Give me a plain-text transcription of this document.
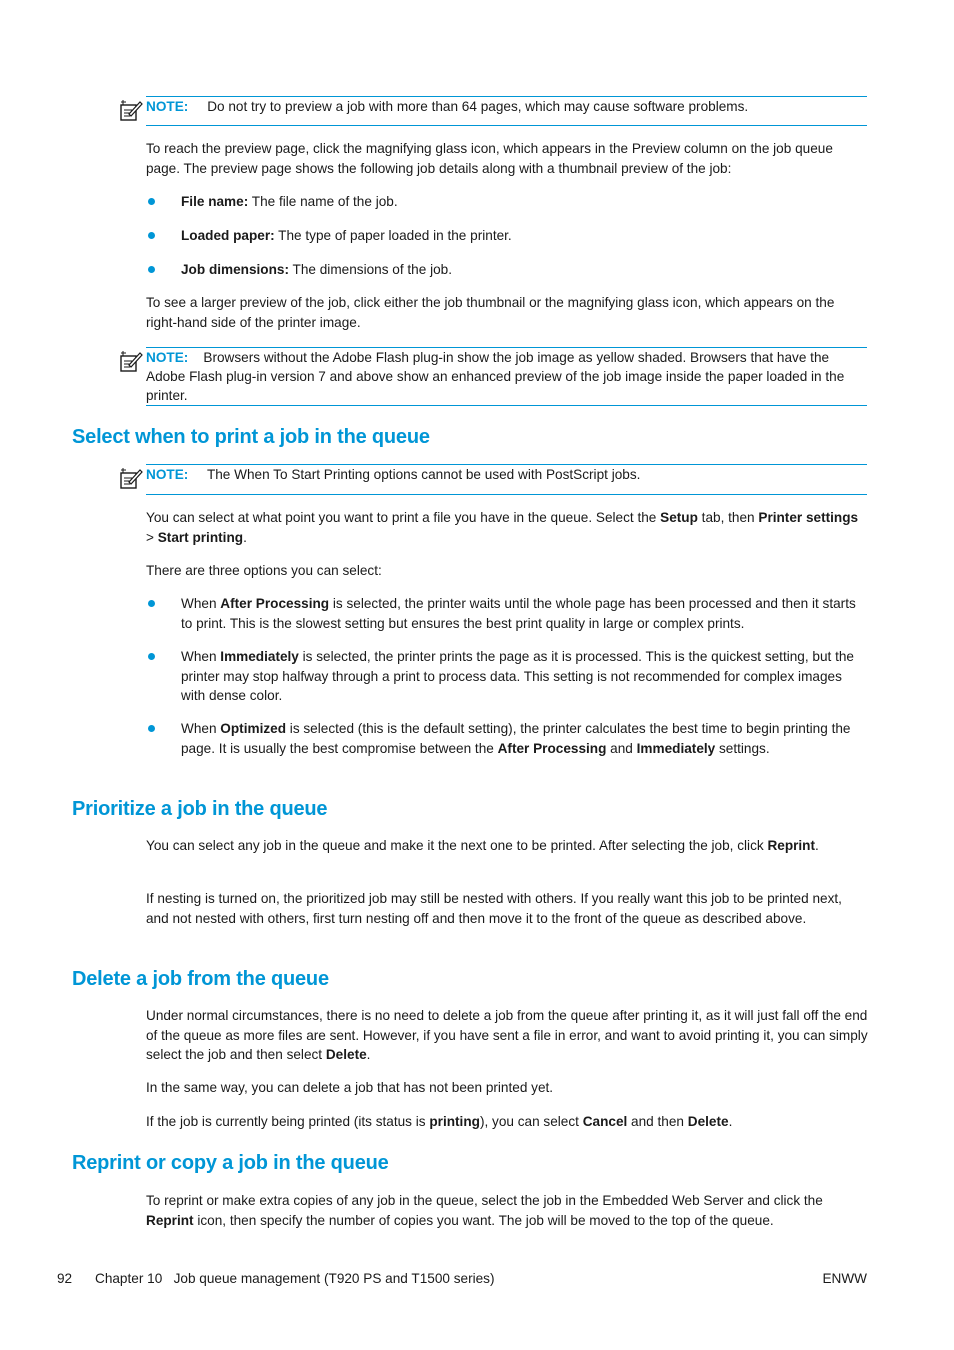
NOTE: Do not try to preview a job with more than 64 pages, which may cause software problems.

To reach the preview page, click the magnifying glass icon, which appears in the Preview column on the job queue page. The preview page shows the following job details along with a thumbnail preview of the job:

File name: The file name of the job.
Loaded paper: The type of paper loaded in the printer.
Job dimensions: The dimensions of the job.

To see a larger preview of the job, click either the job thumbnail or the magnifying glass icon, which appears on the right-hand side of the printer image.

NOTE: Browsers without the Adobe Flash plug-in show the job image as yellow shaded. Browsers that have the Adobe Flash plug-in version 7 and above show an enhanced preview of the job image inside the paper loaded in the printer.
Select when to print a job in the queue
NOTE: The When To Start Printing options cannot be used with PostScript jobs.

You can select at what point you want to print a file you have in the queue. Select the Setup tab, then Printer settings > Start printing.

There are three options you can select:

When After Processing is selected, the printer waits until the whole page has been processed and then it starts to print. This is the slowest setting but ensures the best print quality in large or complex prints.
When Immediately is selected, the printer prints the page as it is processed. This is the quickest setting, but the printer may stop halfway through a print to process data. This setting is not recommended for complex images with dense color.
When Optimized is selected (this is the default setting), the printer calculates the best time to begin printing the page. It is usually the best compromise between the After Processing and Immediately settings.
Prioritize a job in the queue

You can select any job in the queue and make it the next one to be printed. After selecting the job, click Reprint.

If nesting is turned on, the prioritized job may still be nested with others. If you really want this job to be printed next, and not nested with others, first turn nesting off and then move it to the front of the queue as described above.

Delete a job from the queue

Under normal circumstances, there is no need to delete a job from the queue after printing it, as it will just fall off the end of the queue as more files are sent. However, if you have sent a file in error, and want to avoid printing it, you can simply select the job and then select Delete.

In the same way, you can delete a job that has not been printed yet.

If the job is currently being printed (its status is printing), you can select Cancel and then Delete.

Reprint or copy a job in the queue

To reprint or make extra copies of any job in the queue, select the job in the Embedded Web Server and click the Reprint icon, then specify the number of copies you want. The job will be moved to the top of the queue.

92 Chapter 10   Job queue management (T920 PS and T1500 series)	ENWW
